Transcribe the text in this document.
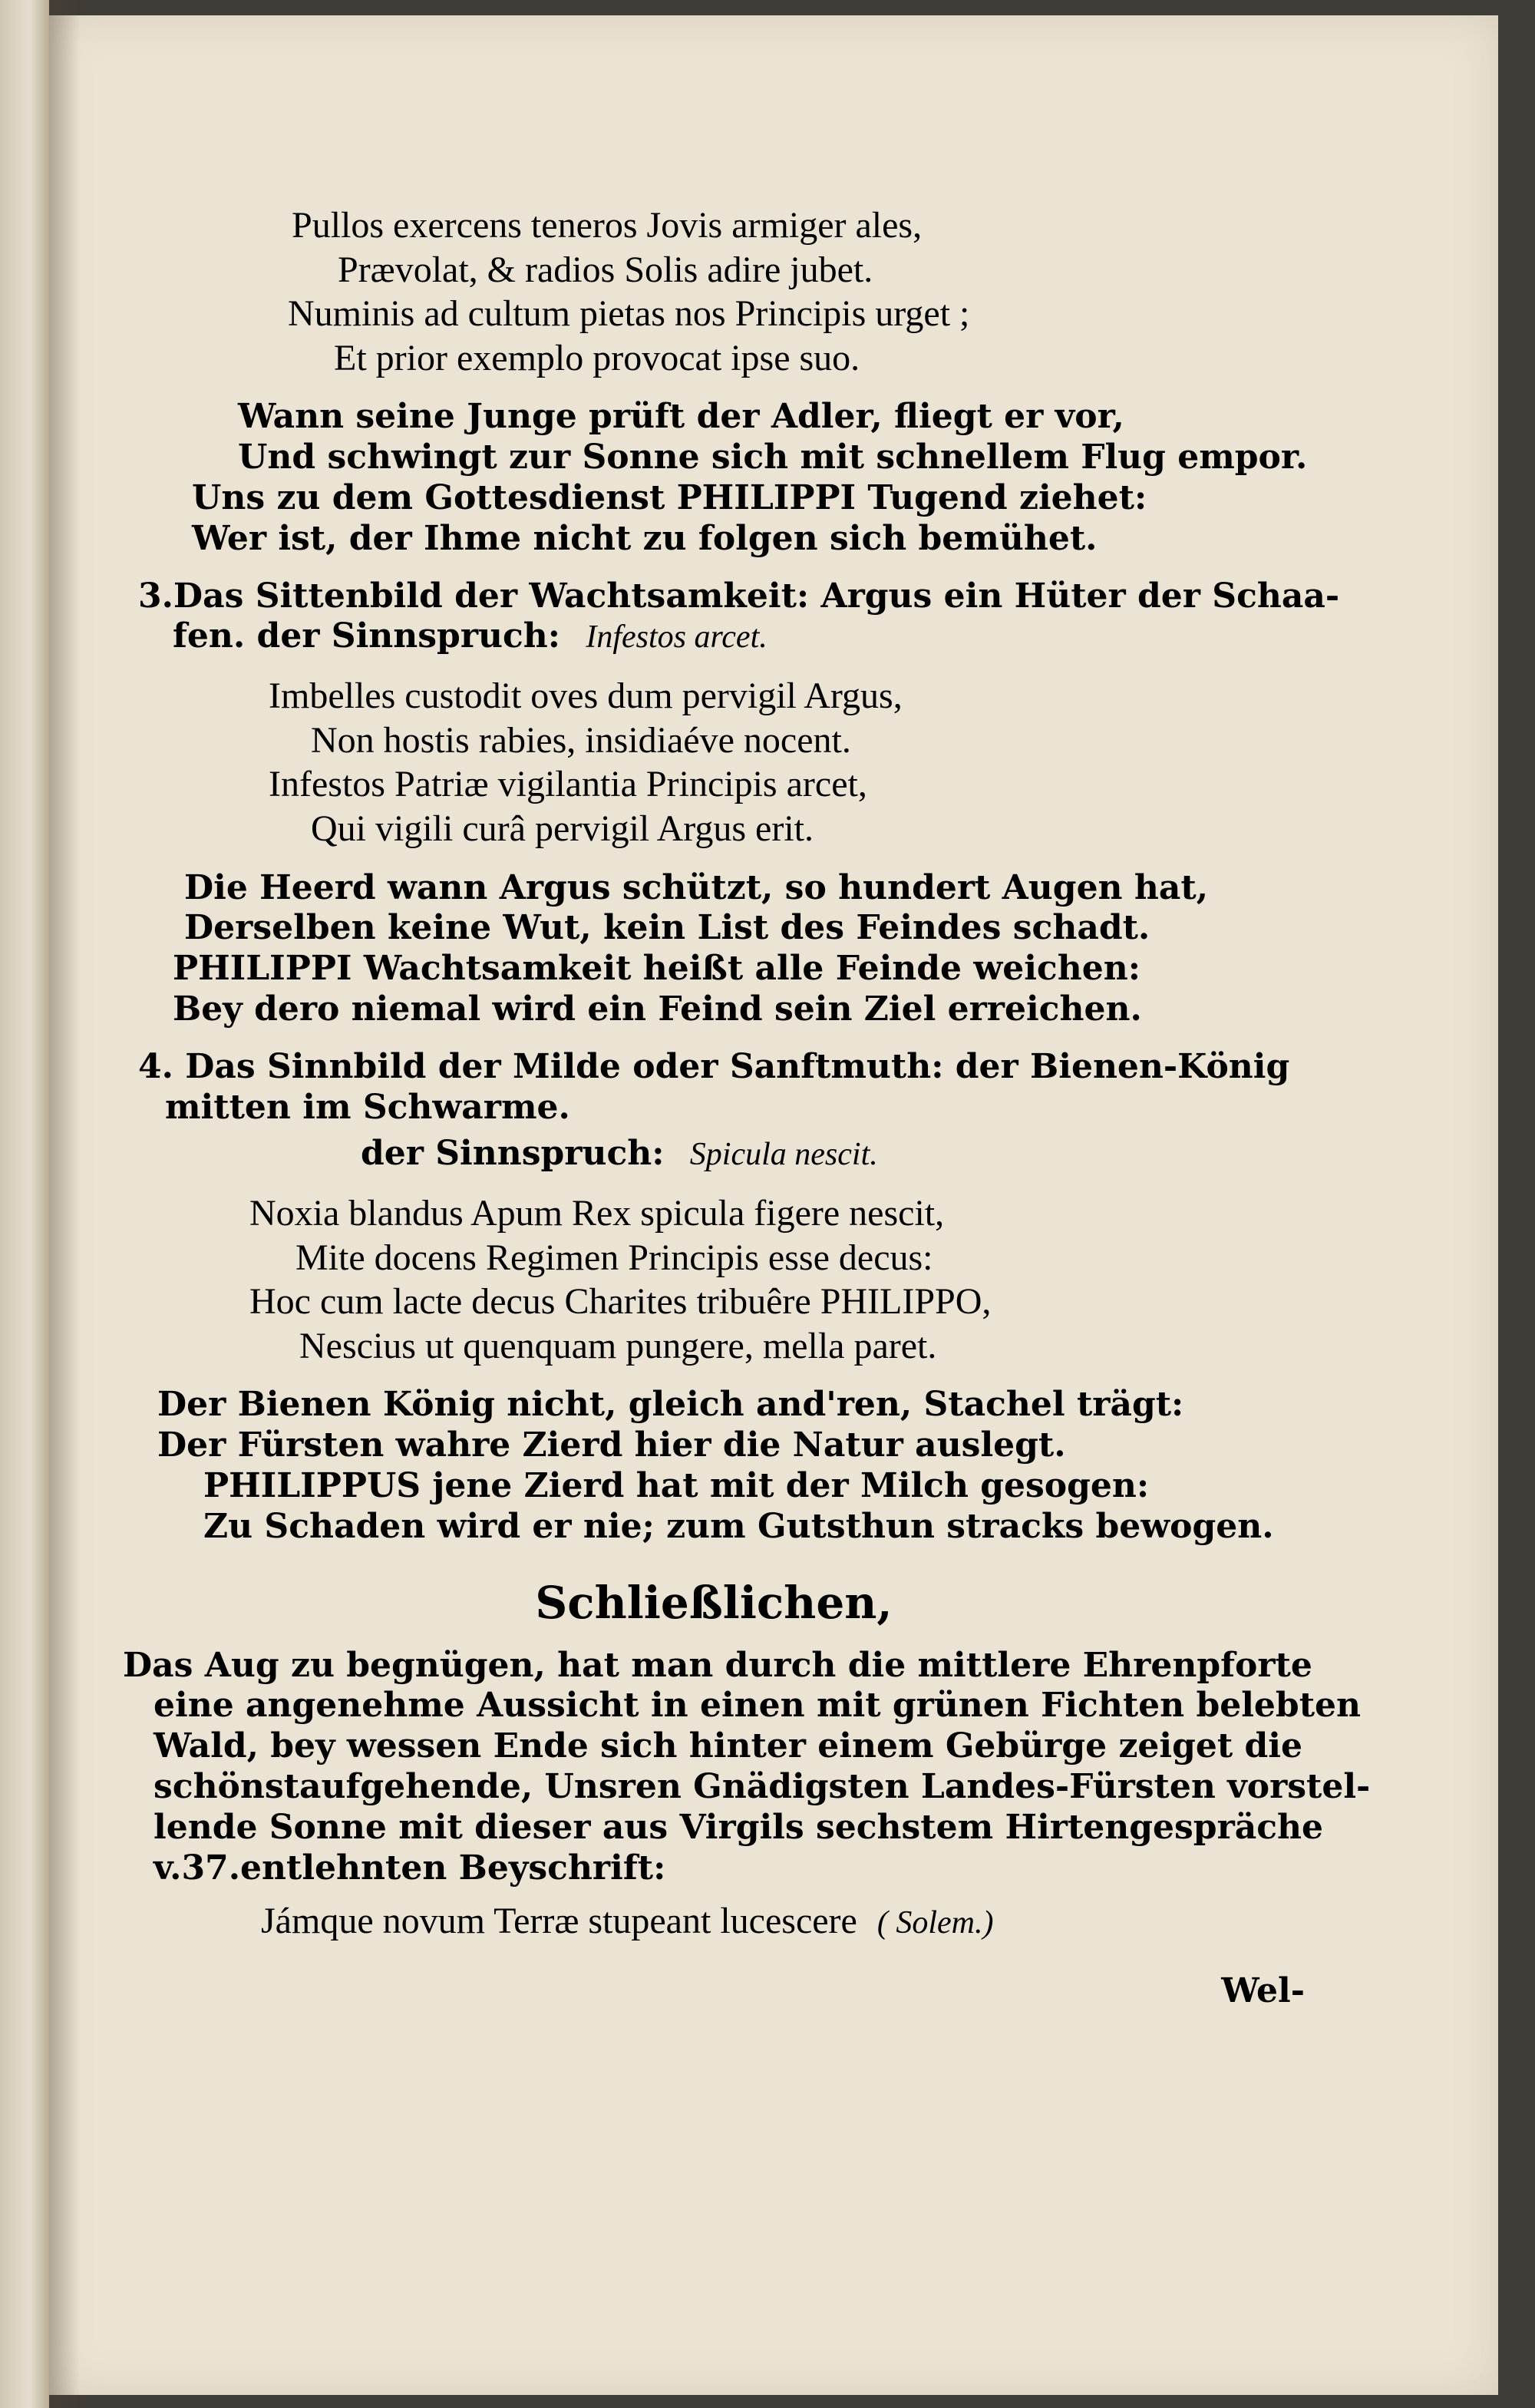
Pullos exercens teneros Jovis armiger ales,
Prævolat, & radios Solis adire jubet.
Numinis ad cultum pietas nos Principis urget ;
Et prior exemplo provocat ipse suo.
Wann seine Junge prüft der Adler, fliegt er vor,
Und schwingt zur Sonne sich mit schnellem Flug empor.
Uns zu dem Gottesdienst PHILIPPI Tugend ziehet:
Wer ist, der Ihme nicht zu folgen sich bemühet.
3.Das Sittenbild der Wachtsamkeit: Argus ein Hüter der Schaa-
fen. der Sinnspruch: Infestos arcet.
Imbelles custodit oves dum pervigil Argus,
Non hostis rabies, insidiaéve nocent.
Infestos Patriæ vigilantia Principis arcet,
Qui vigili curâ pervigil Argus erit.
Die Heerd wann Argus schützt, so hundert Augen hat,
Derselben keine Wut, kein List des Feindes schadt.
PHILIPPI Wachtsamkeit heißt alle Feinde weichen:
Bey dero niemal wird ein Feind sein Ziel erreichen.
4. Das Sinnbild der Milde oder Sanftmuth: der Bienen-König
mitten im Schwarme.
der Sinnspruch: Spicula nescit.
Noxia blandus Apum Rex spicula figere nescit,
Mite docens Regimen Principis esse decus:
Hoc cum lacte decus Charites tribuêre PHILIPPO,
Nescius ut quenquam pungere, mella paret.
Der Bienen König nicht, gleich and'ren, Stachel trägt:
Der Fürsten wahre Zierd hier die Natur auslegt.
PHILIPPUS jene Zierd hat mit der Milch gesogen:
Zu Schaden wird er nie; zum Gutsthun stracks bewogen.
Schließlichen,
Das Aug zu begnügen, hat man durch die mittlere Ehrenpforte
eine angenehme Aussicht in einen mit grünen Fichten belebten
Wald, bey wessen Ende sich hinter einem Gebürge zeiget die
schönstaufgehende, Unsren Gnädigsten Landes-Fürsten vorstel-
lende Sonne mit dieser aus Virgils sechstem Hirtengespräche
v.37.entlehnten Beyschrift:
Jámque novum Terræ stupeant lucescere ( Solem.)
Wel-
